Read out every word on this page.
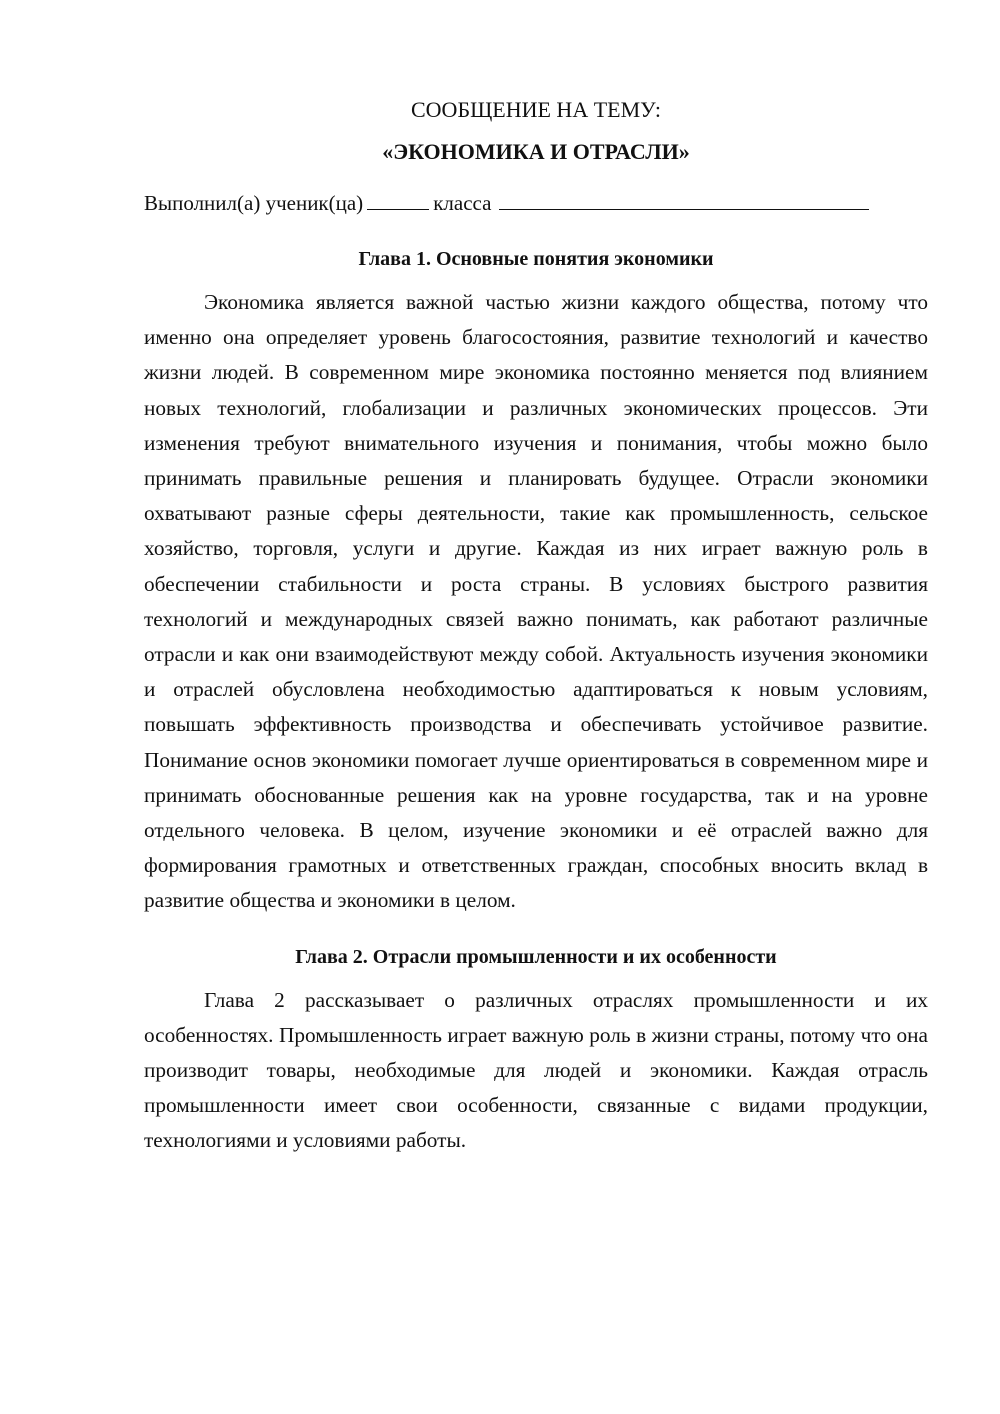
СООБЩЕНИЕ НА ТЕМУ:

«ЭКОНОМИКА И ОТРАСЛИ»

Выполнил(а) ученик(ца)	класса
Глава 1. Основные понятия экономики

Экономика является важной частью жизни каждого общества, потому что именно она определяет уровень благосостояния, развитие технологий и качество жизни людей. В современном мире экономика постоянно меняется под влиянием новых технологий, глобализации и различных экономических процессов. Эти изменения требуют внимательного изучения и понимания, чтобы можно было принимать правильные решения и планировать будущее. Отрасли экономики охватывают разные сферы деятельности, такие как промышленность, сельское хозяйство, торговля, услуги и другие. Каждая из них играет важную роль в обеспечении стабильности и роста страны. В условиях быстрого развития технологий и международных связей важно понимать, как работают различные отрасли и как они взаимодействуют между собой. Актуальность изучения экономики и отраслей обусловлена необходимостью адаптироваться к новым условиям, повышать эффективность производства и обеспечивать устойчивое развитие. Понимание основ экономики помогает лучше ориентироваться в современном мире и принимать обоснованные решения как на уровне государства, так и на уровне отдельного человека. В целом, изучение экономики и её отраслей важно для формирования грамотных и ответственных граждан, способных вносить вклад в развитие общества и экономики в целом.

Глава 2. Отрасли промышленности и их особенности

Глава 2 рассказывает о различных отраслях промышленности и их особенностях. Промышленность играет важную роль в жизни страны, потому что она производит товары, необходимые для людей и экономики. Каждая отрасль промышленности имеет свои особенности, связанные с видами продукции, технологиями и условиями работы.
